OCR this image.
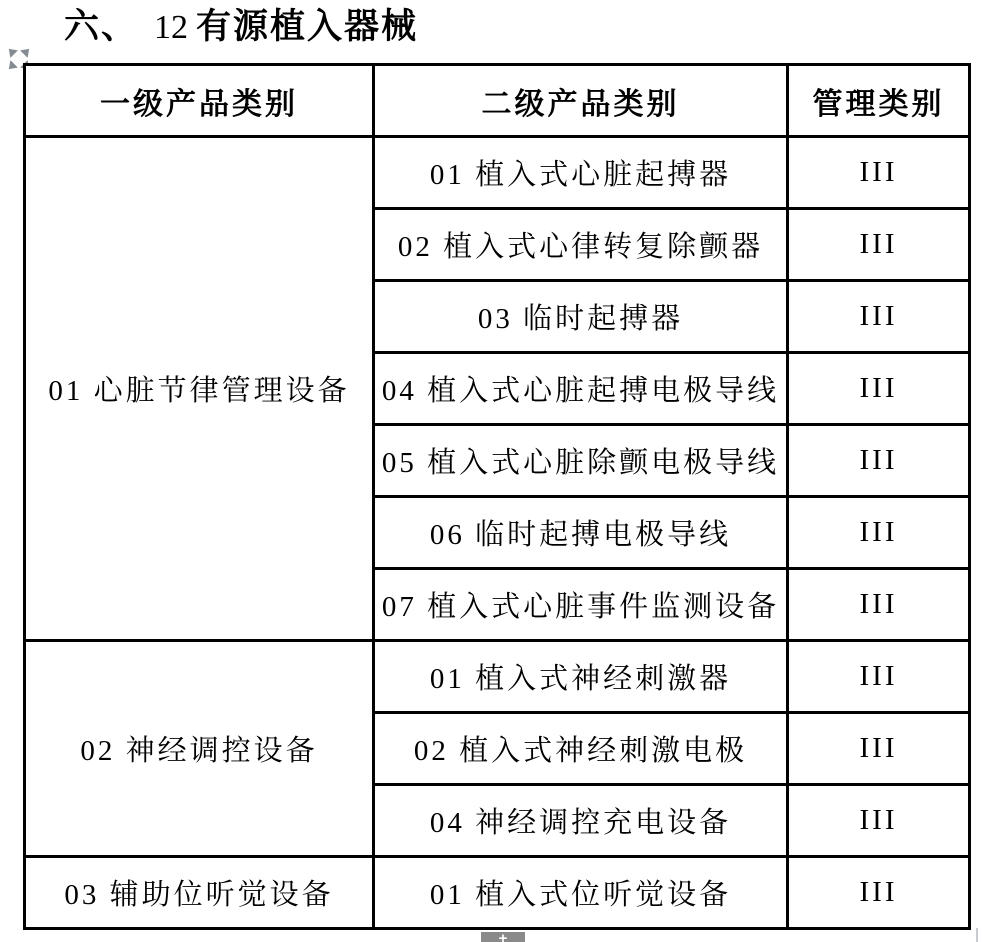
六、 12 有源植入器械
一级产品类别	二级产品类别	管理类别
01 心脏节律管理设备	01 植入式心脏起搏器	III
	02 植入式心律转复除颤器	III
	03 临时起搏器	III
	04 植入式心脏起搏电极导线	III
	05 植入式心脏除颤电极导线	III
	06 临时起搏电极导线	III
	07 植入式心脏事件监测设备	III
02 神经调控设备	01 植入式神经刺激器	III
	02 植入式神经刺激电极	III
	04 神经调控充电设备	III
03 辅助位听觉设备	01 植入式位听觉设备	III
+
